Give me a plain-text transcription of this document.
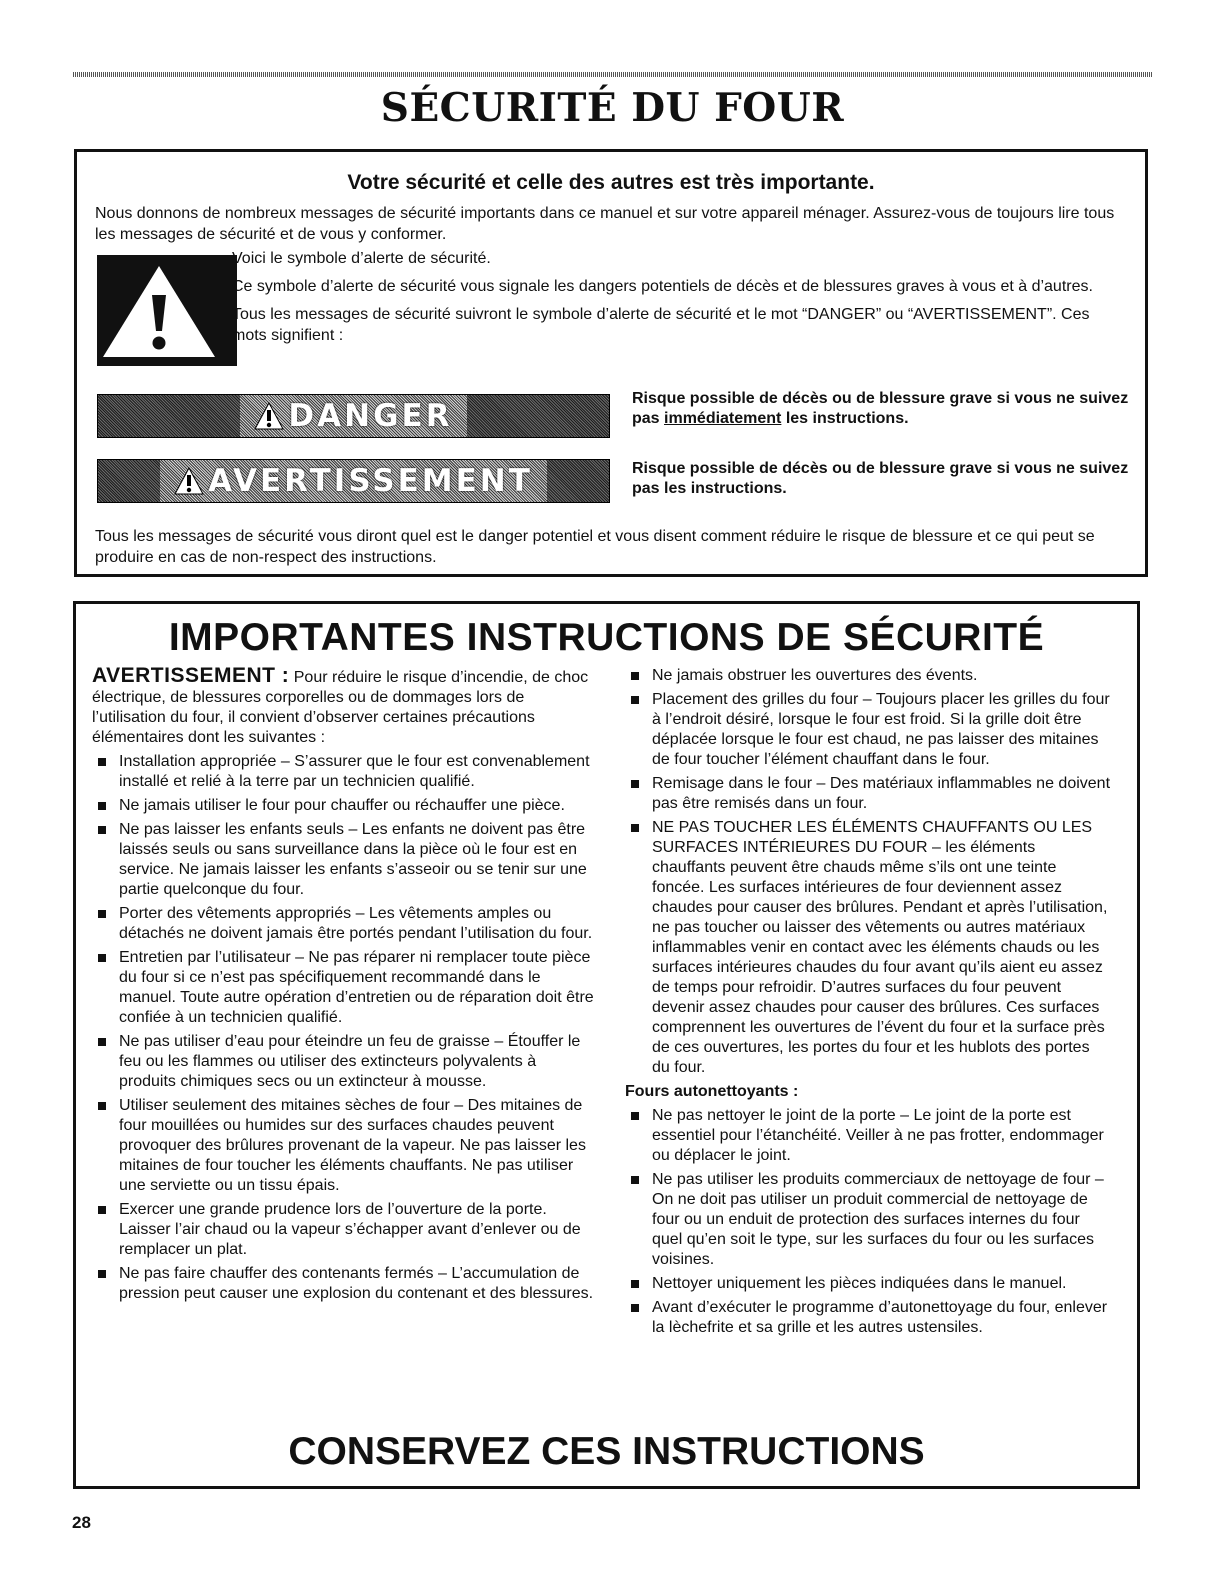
SÉCURITÉ DU FOUR
Votre sécurité et celle des autres est très importante.

Nous donnons de nombreux messages de sécurité importants dans ce manuel et sur votre appareil ménager. Assurez-vous de toujours lire tous les messages de sécurité et de vous y conformer.

Voici le symbole d’alerte de sécurité.

Ce symbole d’alerte de sécurité vous signale les dangers potentiels de décès et de blessures graves à vous et à d’autres.

Tous les messages de sécurité suivront le symbole d’alerte de sécurité et le mot “DANGER” ou “AVERTISSEMENT”. Ces mots signifient :

DANGER	Risque possible de décès ou de blessure grave si vous ne suivez pas immédiatement les instructions.

AVERTISSEMENT	Risque possible de décès ou de blessure grave si vous ne suivez pas les instructions.

Tous les messages de sécurité vous diront quel est le danger potentiel et vous disent comment réduire le risque de blessure et ce qui peut se produire en cas de non-respect des instructions.

IMPORTANTES INSTRUCTIONS DE SÉCURITÉ

AVERTISSEMENT : Pour réduire le risque d’incendie, de choc électrique, de blessures corporelles ou de dommages lors de l’utilisation du four, il convient d’observer certaines précautions élémentaires dont les suivantes :

Installation appropriée – S’assurer que le four est convenablement installé et relié à la terre par un technicien qualifié.
Ne jamais utiliser le four pour chauffer ou réchauffer une pièce.
Ne pas laisser les enfants seuls – Les enfants ne doivent pas être laissés seuls ou sans surveillance dans la pièce où le four est en service. Ne jamais laisser les enfants s’asseoir ou se tenir sur une partie quelconque du four.
Porter des vêtements appropriés – Les vêtements amples ou détachés ne doivent jamais être portés pendant l’utilisation du four.
Entretien par l’utilisateur – Ne pas réparer ni remplacer toute pièce du four si ce n’est pas spécifiquement recommandé dans le manuel. Toute autre opération d’entretien ou de réparation doit être confiée à un technicien qualifié.
Ne pas utiliser d’eau pour éteindre un feu de graisse – Étouffer le feu ou les flammes ou utiliser des extincteurs polyvalents à produits chimiques secs ou un extincteur à mousse.
Utiliser seulement des mitaines sèches de four – Des mitaines de four mouillées ou humides sur des surfaces chaudes peuvent provoquer des brûlures provenant de la vapeur. Ne pas laisser les mitaines de four toucher les éléments chauffants. Ne pas utiliser une serviette ou un tissu épais.
Exercer une grande prudence lors de l’ouverture de la porte. Laisser l’air chaud ou la vapeur s’échapper avant d’enlever ou de remplacer un plat.
Ne pas faire chauffer des contenants fermés – L’accumulation de pression peut causer une explosion du contenant et des blessures.
Ne jamais obstruer les ouvertures des évents.
Placement des grilles du four – Toujours placer les grilles du four à l’endroit désiré, lorsque le four est froid. Si la grille doit être déplacée lorsque le four est chaud, ne pas laisser des mitaines de four toucher l’élément chauffant dans le four.
Remisage dans le four – Des matériaux inflammables ne doivent pas être remisés dans un four.
NE PAS TOUCHER LES ÉLÉMENTS CHAUFFANTS OU LES SURFACES INTÉRIEURES DU FOUR – les éléments chauffants peuvent être chauds même s’ils ont une teinte foncée. Les surfaces intérieures de four deviennent assez chaudes pour causer des brûlures. Pendant et après l’utilisation, ne pas toucher ou laisser des vêtements ou autres matériaux inflammables venir en contact avec les éléments chauds ou les surfaces intérieures chaudes du four avant qu’ils aient eu assez de temps pour refroidir. D’autres surfaces du four peuvent devenir assez chaudes pour causer des brûlures. Ces surfaces comprennent les ouvertures de l’évent du four et la surface près de ces ouvertures, les portes du four et les hublots des portes du four.

Fours autonettoyants :

Ne pas nettoyer le joint de la porte – Le joint de la porte est essentiel pour l’étanchéité. Veiller à ne pas frotter, endommager ou déplacer le joint.
Ne pas utiliser les produits commerciaux de nettoyage de four – On ne doit pas utiliser un produit commercial de nettoyage de four ou un enduit de protection des surfaces internes du four quel qu’en soit le type, sur les surfaces du four ou les surfaces voisines.
Nettoyer uniquement les pièces indiquées dans le manuel.
Avant d’exécuter le programme d’autonettoyage du four, enlever la lèchefrite et sa grille et les autres ustensiles.
CONSERVEZ CES INSTRUCTIONS

28
